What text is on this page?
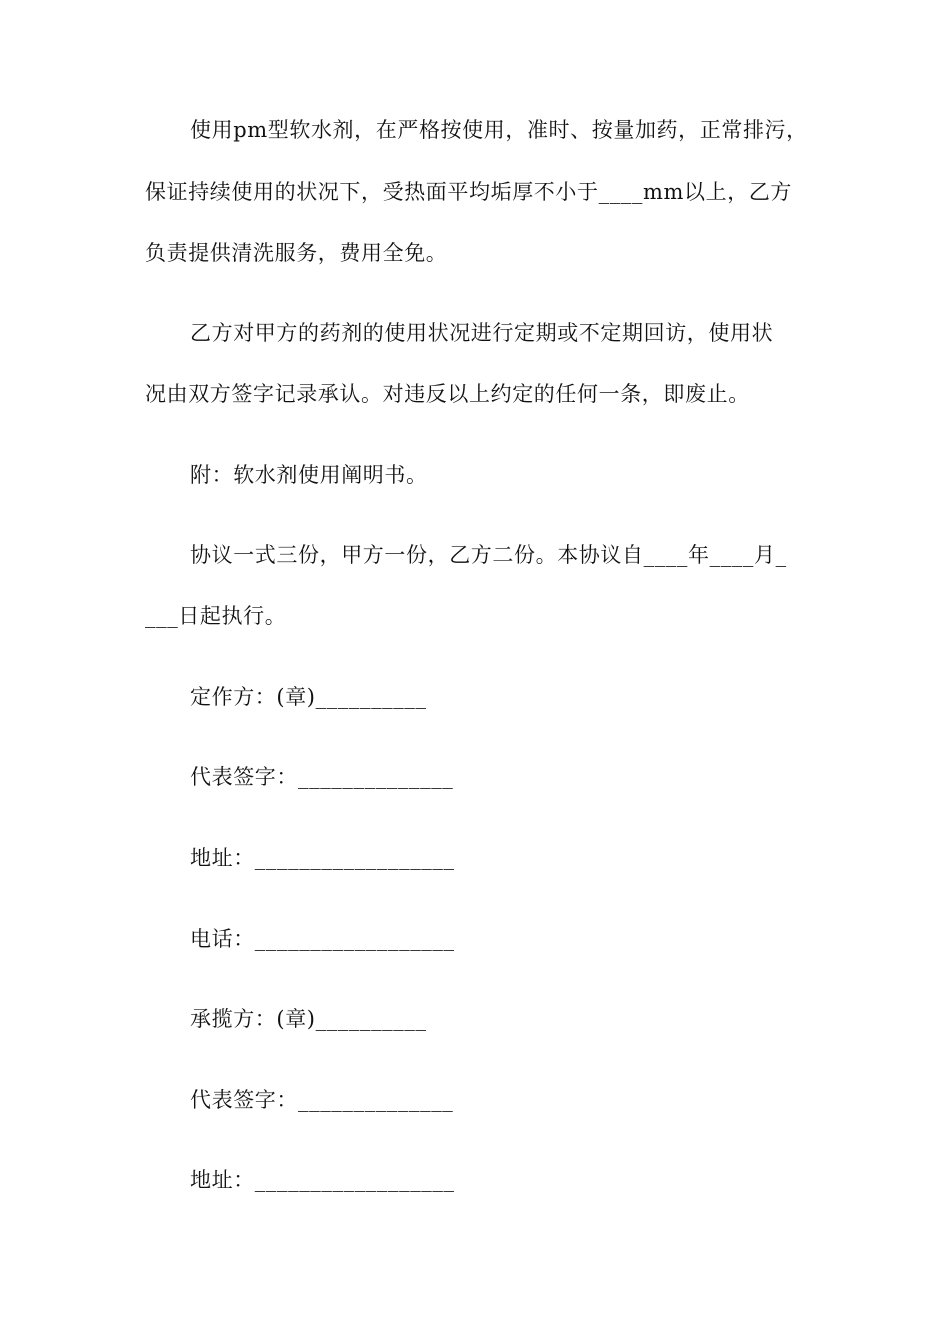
使用pm型软水剂，在严格按使用，准时、按量加药，正常排污，
保证持续使用的状况下，受热面平均垢厚不小于____mm以上，乙方
负责提供清洗服务，费用全免。
乙方对甲方的药剂的使用状况进行定期或不定期回访，使用状
况由双方签字记录承认。对违反以上约定的任何一条，即废止。
附：软水剂使用阐明书。
协议一式三份，甲方一份，乙方二份。本协议自____年____月_
___日起执行。
定作方：(章)__________
代表签字：______________
地址：__________________
电话：__________________
承揽方：(章)__________
代表签字：______________
地址：__________________
